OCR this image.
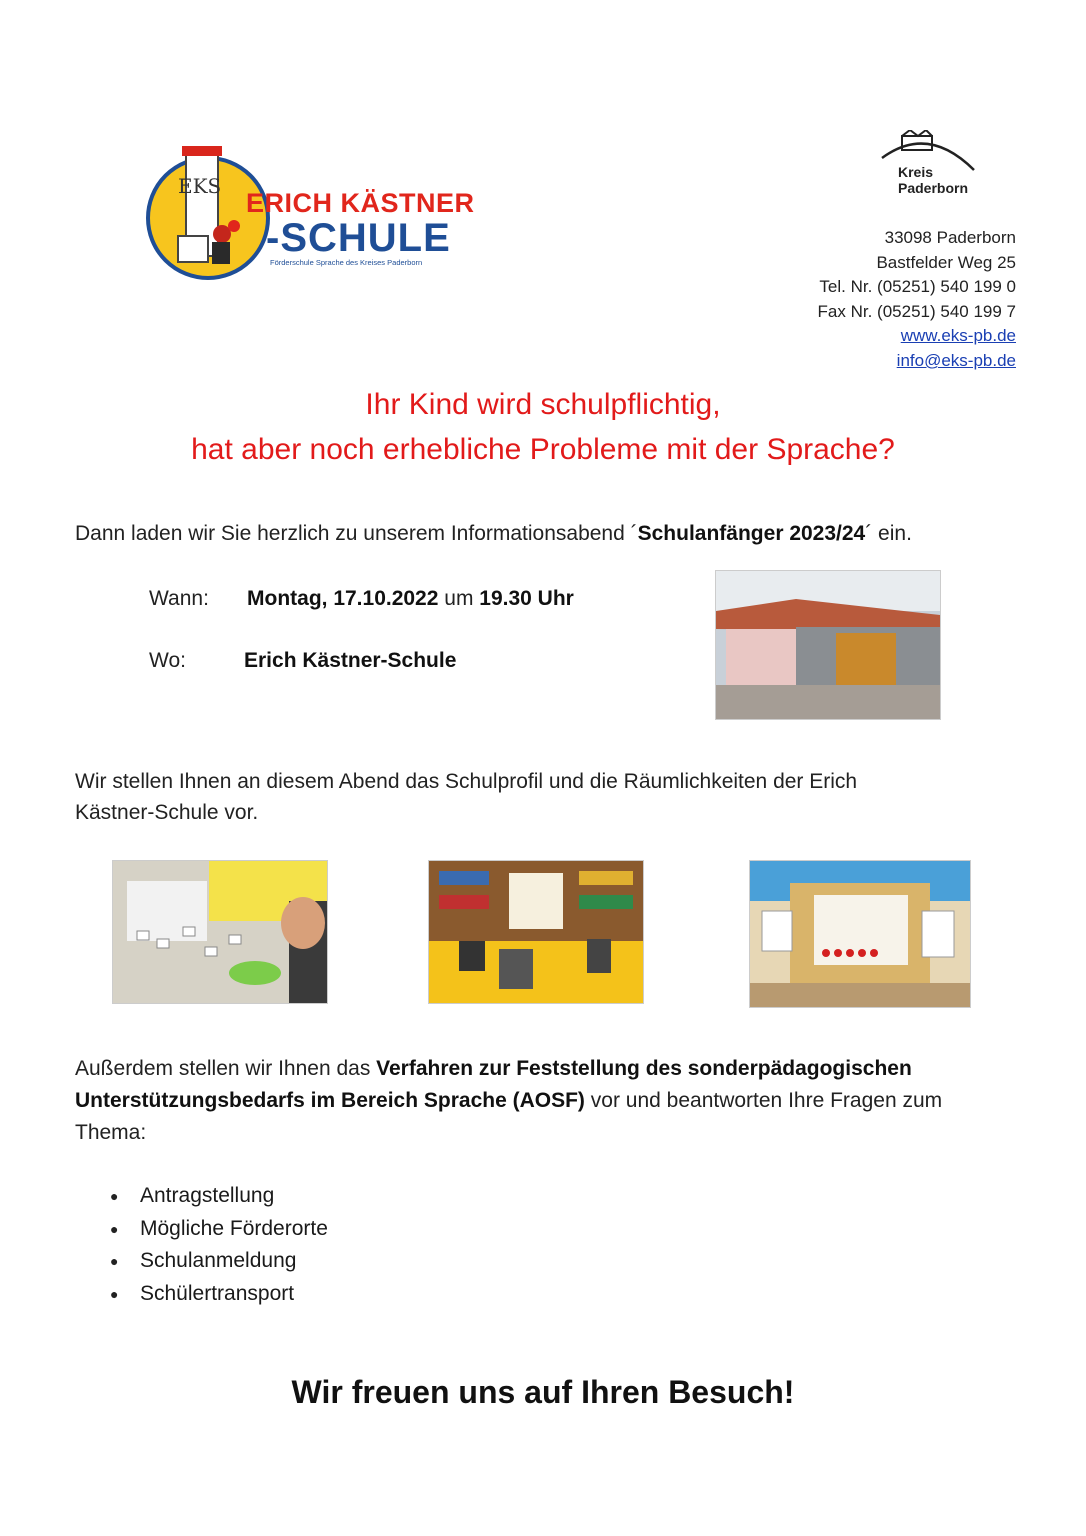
EKS
ERICH KÄSTNER
-SCHULE
Förderschule Sprache des Kreises Paderborn
Kreis
Paderborn
33098 Paderborn
Bastfelder Weg 25
Tel. Nr. (05251) 540 199 0
Fax Nr. (05251) 540 199 7
www.eks-pb.de
info@eks-pb.de
Ihr Kind wird schulpflichtig,
hat aber noch erhebliche Probleme mit der Sprache?
Dann laden wir Sie herzlich zu unserem Informationsabend ´Schulanfänger 2023/24´ ein.
Wann: Montag, 17.10.2022 um 19.30 Uhr
Wo:	Erich Kästner-Schule
Wir stellen Ihnen an diesem Abend das Schulprofil und die Räumlichkeiten der Erich
Kästner-Schule vor.
Außerdem stellen wir Ihnen das Verfahren zur Feststellung des sonderpädagogischen
Unterstützungsbedarfs im Bereich Sprache (AOSF) vor und beantworten Ihre Fragen zum
Thema:
● Antragstellung
● Mögliche Förderorte
● Schulanmeldung
● Schülertransport
Wir freuen uns auf Ihren Besuch!
